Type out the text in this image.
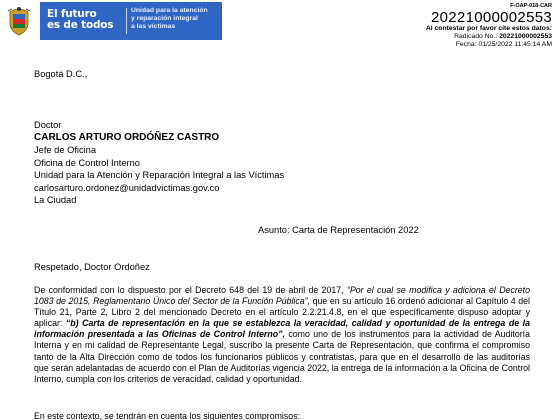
El futuro
es de todos
Unidad para la atención
y reparación integral
a las víctimas
F-OAP-018-CAR
20221000002553
Al contestar por favor cite estos datos:
Radicado No.: 20221000002553
Fecha: 01/25/2022 11:45:14 AM
Bogotá D.C.,
Doctor
CARLOS ARTURO ORDÓÑEZ CASTRO
Jefe de Oficina
Oficina de Control Interno
Unidad para la Atención y Reparación Integral a las Víctimas
carlosarturo.ordonez@unidadvictimas.gov.co
La Ciudad
Asunto: Carta de Representación 2022
Respetado, Doctor Ordoñez
De conformidad con lo dispuesto por el Decreto 648 del 19 de abril de 2017, “Por el cual se modifica y adiciona el Decreto 1083 de 2015, Reglamentario Único del Sector de la Función Pública”, que en su artículo 16 ordenó adicionar al Capítulo 4 del Título 21, Parte 2, Libro 2 del mencionado Decreto en el artículo 2.2.21.4.8, en el que específicamente dispuso adoptar y aplicar: “b) Carta de representación en la que se establezca la veracidad, calidad y oportunidad de la entrega de la información presentada a las Oficinas de Control Interno”, como uno de los instrumentos para la actividad de Auditoría Interna y en mi calidad de Representante Legal, suscribo la presente Carta de Representación, que confirma el compromiso tanto de la Alta Dirección como de todos los funcionarios públicos y contratistas, para que en el desarrollo de las auditorías que serán adelantadas de acuerdo con el Plan de Auditorías vigencia 2022, la entrega de la información a la Oficina de Control Interno, cumpla con los criterios de veracidad, calidad y oportunidad.
En este contexto, se tendrán en cuenta los siguientes compromisos:
